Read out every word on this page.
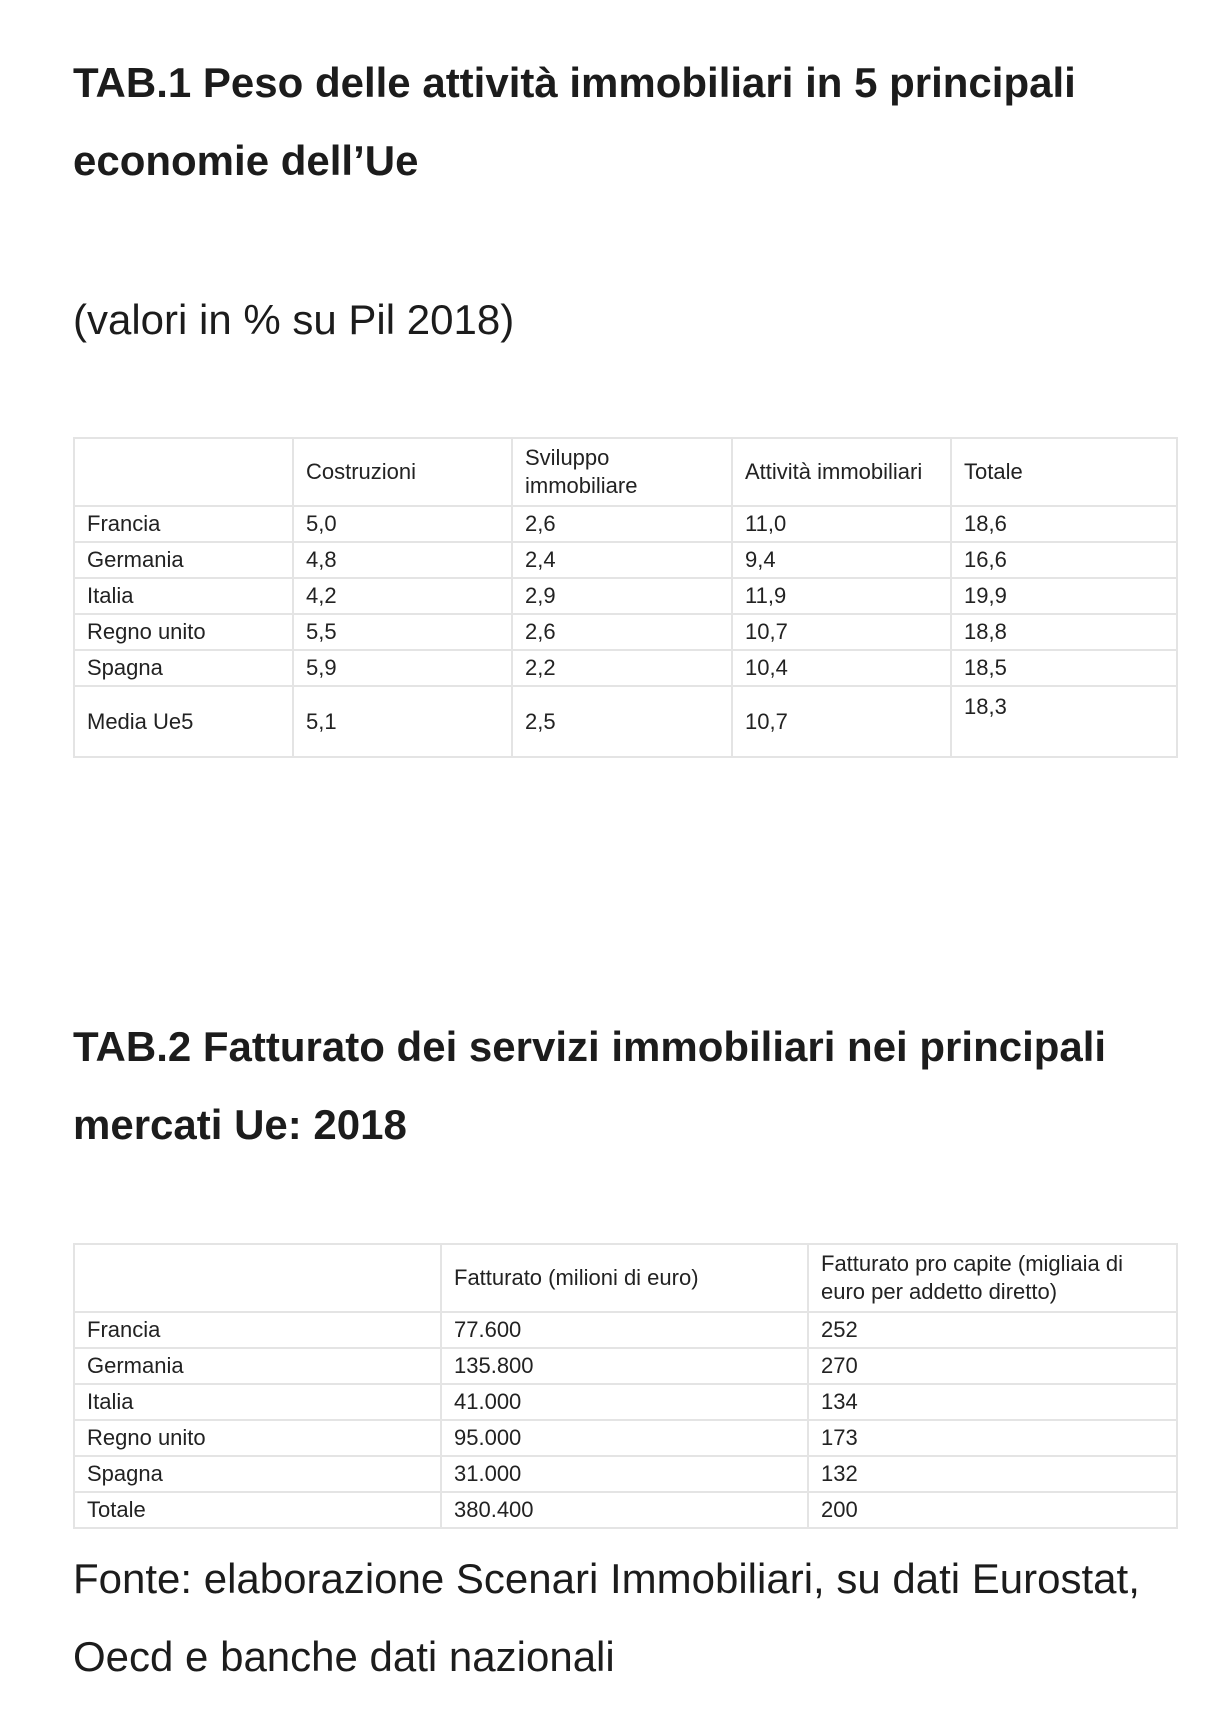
TAB.1 Peso delle attività immobiliari in 5 principali economie dell’Ue

(valori in % su Pil 2018)

	Costruzioni	Sviluppo immobiliare	Attività immobiliari	Totale
Francia	5,0	2,6	11,0	18,6
Germania	4,8	2,4	9,4	16,6
Italia	4,2	2,9	11,9	19,9
Regno unito	5,5	2,6	10,7	18,8
Spagna	5,9	2,2	10,4	18,5
Media Ue5	5,1	2,5	10,7	18,3
TAB.2 Fatturato dei servizi immobiliari nei principali mercati Ue: 2018
	Fatturato (milioni di euro)	Fatturato pro capite (migliaia di euro per addetto diretto)
Francia	77.600	252
Germania	135.800	270
Italia	41.000	134
Regno unito	95.000	173
Spagna	31.000	132
Totale	380.400	200

Fonte: elaborazione Scenari Immobiliari, su dati Eurostat, Oecd e banche dati nazionali
